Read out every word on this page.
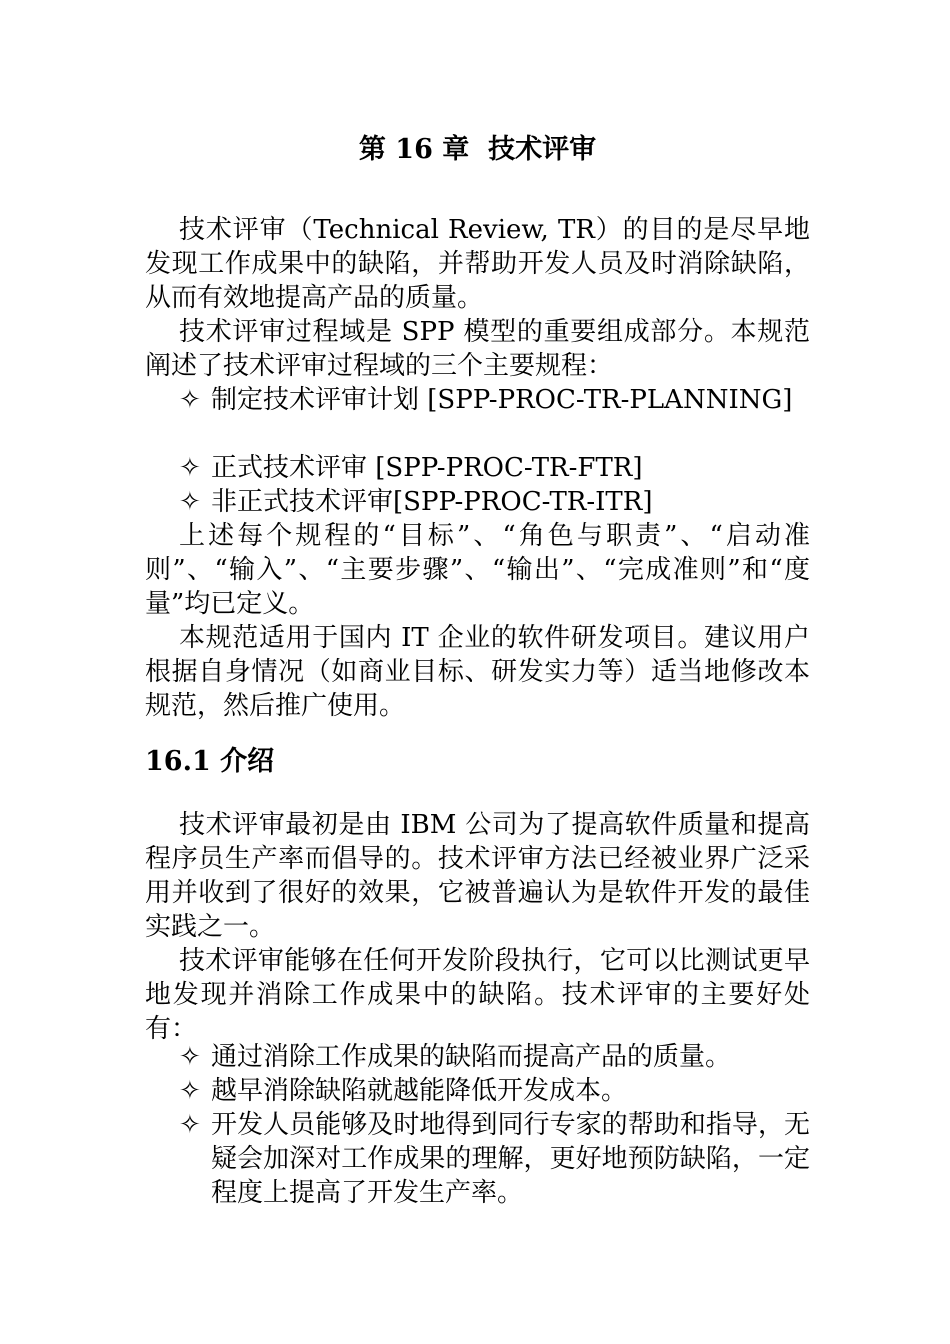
第 16 章  技术评审

技术评审（Technical Review, TR）的目的是尽早地发现工作成果中的缺陷，并帮助开发人员及时消除缺陷，从而有效地提高产品的质量。

技术评审过程域是 SPP 模型的重要组成部分。本规范阐述了技术评审过程域的三个主要规程：

✧ 制定技术评审计划 [SPP-PROC-TR-PLANNING]

✧ 正式技术评审 [SPP-PROC-TR-FTR]

✧ 非正式技术评审[SPP-PROC-TR-ITR]

上述每个规程的“目标”、“角色与职责”、“启动准则”、“输入”、“主要步骤”、“输出”、“完成准则”和“度量”均已定义。

本规范适用于国内 IT 企业的软件研发项目。建议用户根据自身情况（如商业目标、研发实力等）适当地修改本规范，然后推广使用。

16.1 介绍

技术评审最初是由 IBM 公司为了提高软件质量和提高程序员生产率而倡导的。技术评审方法已经被业界广泛采用并收到了很好的效果，它被普遍认为是软件开发的最佳实践之一。

技术评审能够在任何开发阶段执行，它可以比测试更早地发现并消除工作成果中的缺陷。技术评审的主要好处有：

✧ 通过消除工作成果的缺陷而提高产品的质量。

✧ 越早消除缺陷就越能降低开发成本。

✧ 开发人员能够及时地得到同行专家的帮助和指导，无疑会加深对工作成果的理解，更好地预防缺陷，一定程度上提高了开发生产率。
